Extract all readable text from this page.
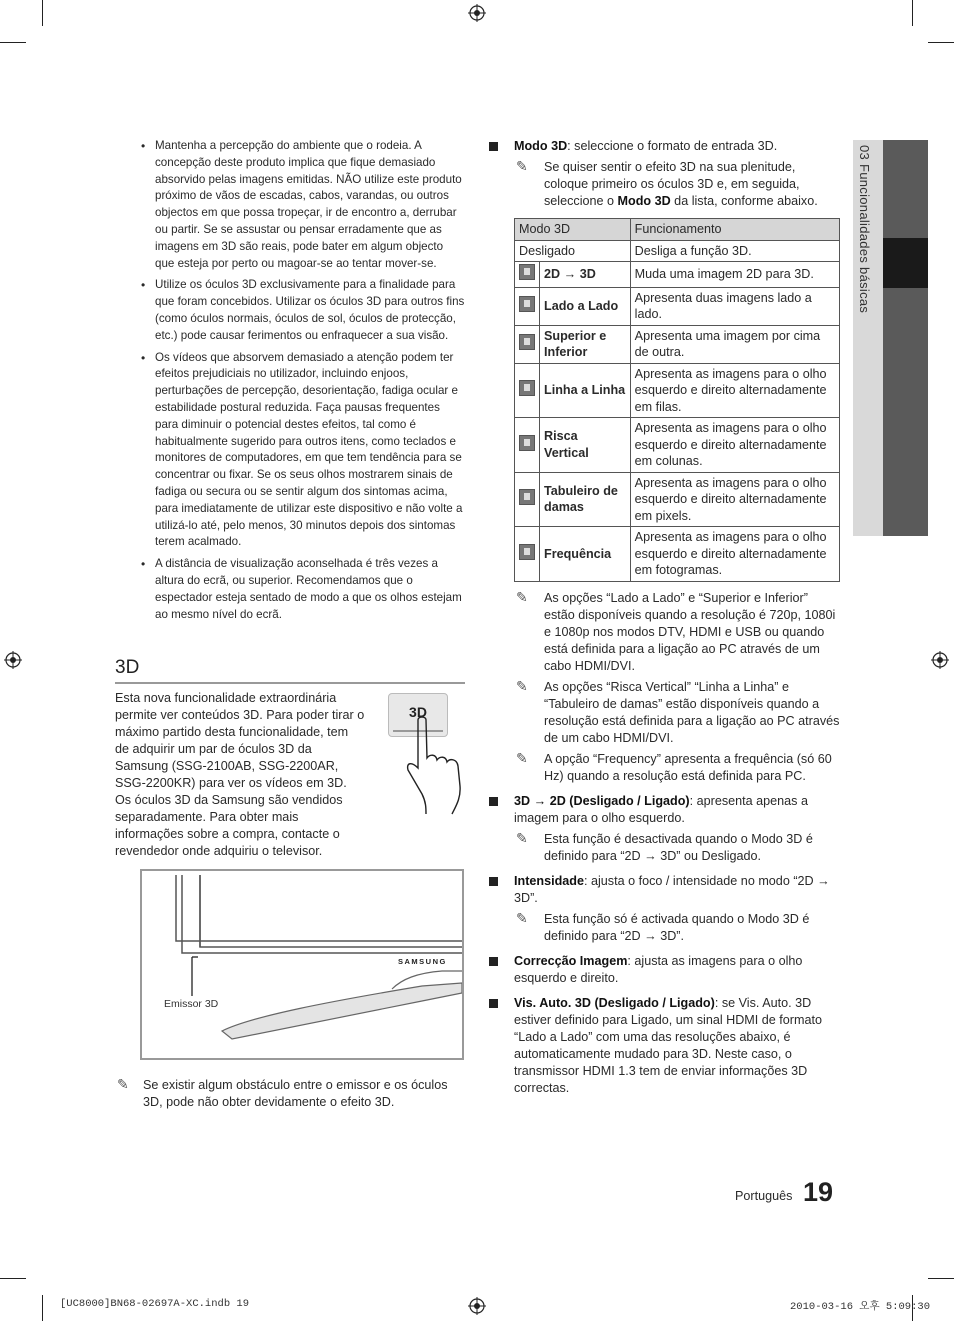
03 Funcionalidades básicas
• Mantenha a percepção do ambiente que o rodeia. A concepção deste produto implica que fique demasiado absorvido pelas imagens emitidas. NÃO utilize este produto próximo de vãos de escadas, cabos, varandas, ou outros objectos em que possa tropeçar, ir de encontro a, derrubar ou partir. Se se assustar ou pensar erradamente que as imagens em 3D são reais, pode bater em algum objecto que esteja por perto ou magoar-se ao tentar mover-se.
• Utilize os óculos 3D exclusivamente para a finalidade para que foram concebidos. Utilizar os óculos 3D para outros fins (como óculos normais, óculos de sol, óculos de protecção, etc.) pode causar ferimentos ou enfraquecer a sua visão.
• Os vídeos que absorvem demasiado a atenção podem ter efeitos prejudiciais no utilizador, incluindo enjoos, perturbações de percepção, desorientação, fadiga ocular e estabilidade postural reduzida. Faça pausas frequentes para diminuir o potencial destes efeitos, tal como é habitualmente sugerido para outros itens, como teclados e monitores de computadores, em que tem tendência para se concentrar ou fixar. Se os seus olhos mostrarem sinais de fadiga ou secura ou se sentir algum dos sintomas acima, para imediatamente de utilizar este dispositivo e não volte a utilizá-lo até, pelo menos, 30 minutos depois dos sintomas terem acalmado.
• A distância de visualização aconselhada é três vezes a altura do ecrã, ou superior. Recomendamos que o espectador esteja sentado de modo a que os olhos estejam ao mesmo nível do ecrã.
3D
Esta nova funcionalidade extraordinária permite ver conteúdos 3D. Para poder tirar o máximo partido desta funcionalidade, tem de adquirir um par de óculos 3D da Samsung (SSG-2100AB, SSG-2200AR, SSG-2200KR) para ver os vídeos em 3D. Os óculos 3D da Samsung são vendidos separadamente. Para obter mais informações sobre a compra, contacte o revendedor onde adquiriu o televisor.
3D
SAMSUNG
Emissor 3D
✎ Se existir algum obstáculo entre o emissor e os óculos 3D, pode não obter devidamente o efeito 3D.
Modo 3D: seleccione o formato de entrada 3D.
✎ Se quiser sentir o efeito 3D na sua plenitude, coloque primeiro os óculos 3D e, em seguida, seleccione o Modo 3D da lista, conforme abaixo.
Modo 3D		Funcionamento
Desligado		Desliga a função 3D.
	2D → 3D	Muda uma imagem 2D para 3D.
	Lado a Lado	Apresenta duas imagens lado a lado.
	Superior e Inferior	Apresenta uma imagem por cima de outra.
	Linha a Linha	Apresenta as imagens para o olho esquerdo e direito alternadamente em filas.
	Risca Vertical	Apresenta as imagens para o olho esquerdo e direito alternadamente em colunas.
	Tabuleiro de damas	Apresenta as imagens para o olho esquerdo e direito alternadamente em pixels.
	Frequência	Apresenta as imagens para o olho esquerdo e direito alternadamente em fotogramas.
✎ As opções “Lado a Lado” e “Superior e Inferior” estão disponíveis quando a resolução é 720p, 1080i e 1080p nos modos DTV, HDMI e USB ou quando está definida para a ligação ao PC através de um cabo HDMI/DVI.
✎ As opções “Risca Vertical” “Linha a Linha” e “Tabuleiro de damas” estão disponíveis quando a resolução está definida para a ligação ao PC através de um cabo HDMI/DVI.
✎ A opção “Frequency” apresenta a frequência (só 60 Hz) quando a resolução está definida para PC.
3D → 2D (Desligado / Ligado): apresenta apenas a imagem para o olho esquerdo.
✎ Esta função é desactivada quando o Modo 3D é definido para “2D → 3D” ou Desligado.
Intensidade: ajusta o foco / intensidade no modo “2D → 3D”.
✎ Esta função só é activada quando o Modo 3D é definido para “2D → 3D”.
Correcção Imagem: ajusta as imagens para o olho esquerdo e direito.
Vis. Auto. 3D (Desligado / Ligado): se Vis. Auto. 3D estiver definido para Ligado, um sinal HDMI de formato “Lado a Lado” com uma das resoluções abaixo, é automaticamente mudado para 3D. Neste caso, o transmissor HDMI 1.3 tem de enviar informações 3D correctas.
Português 19
[UC8000]BN68-02697A-XC.indb 19	2010-03-16 오후 5:09:30
